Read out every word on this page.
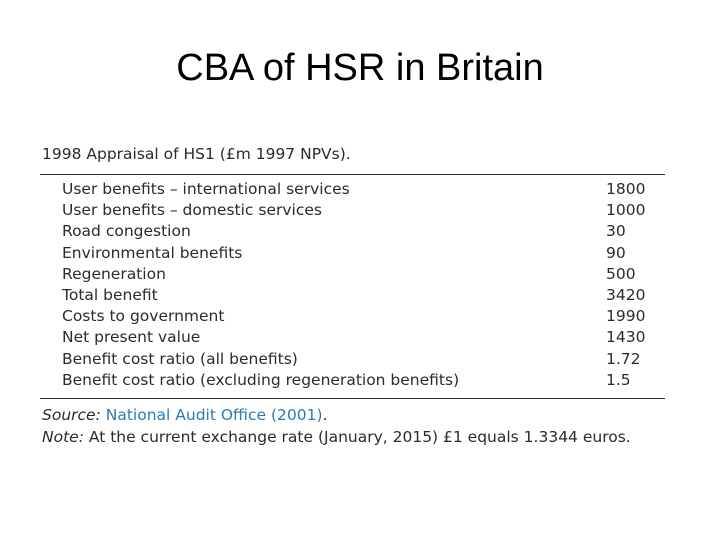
CBA of HSR in Britain
1998 Appraisal of HS1 (£m 1997 NPVs).
User benefits – international services	1800
User benefits – domestic services	1000
Road congestion	30
Environmental benefits	90
Regeneration	500
Total benefit	3420
Costs to government	1990
Net present value	1430
Benefit cost ratio (all benefits)	1.72
Benefit cost ratio (excluding regeneration benefits)	1.5
Source: National Audit Office (2001).
Note: At the current exchange rate (January, 2015) £1 equals 1.3344 euros.
